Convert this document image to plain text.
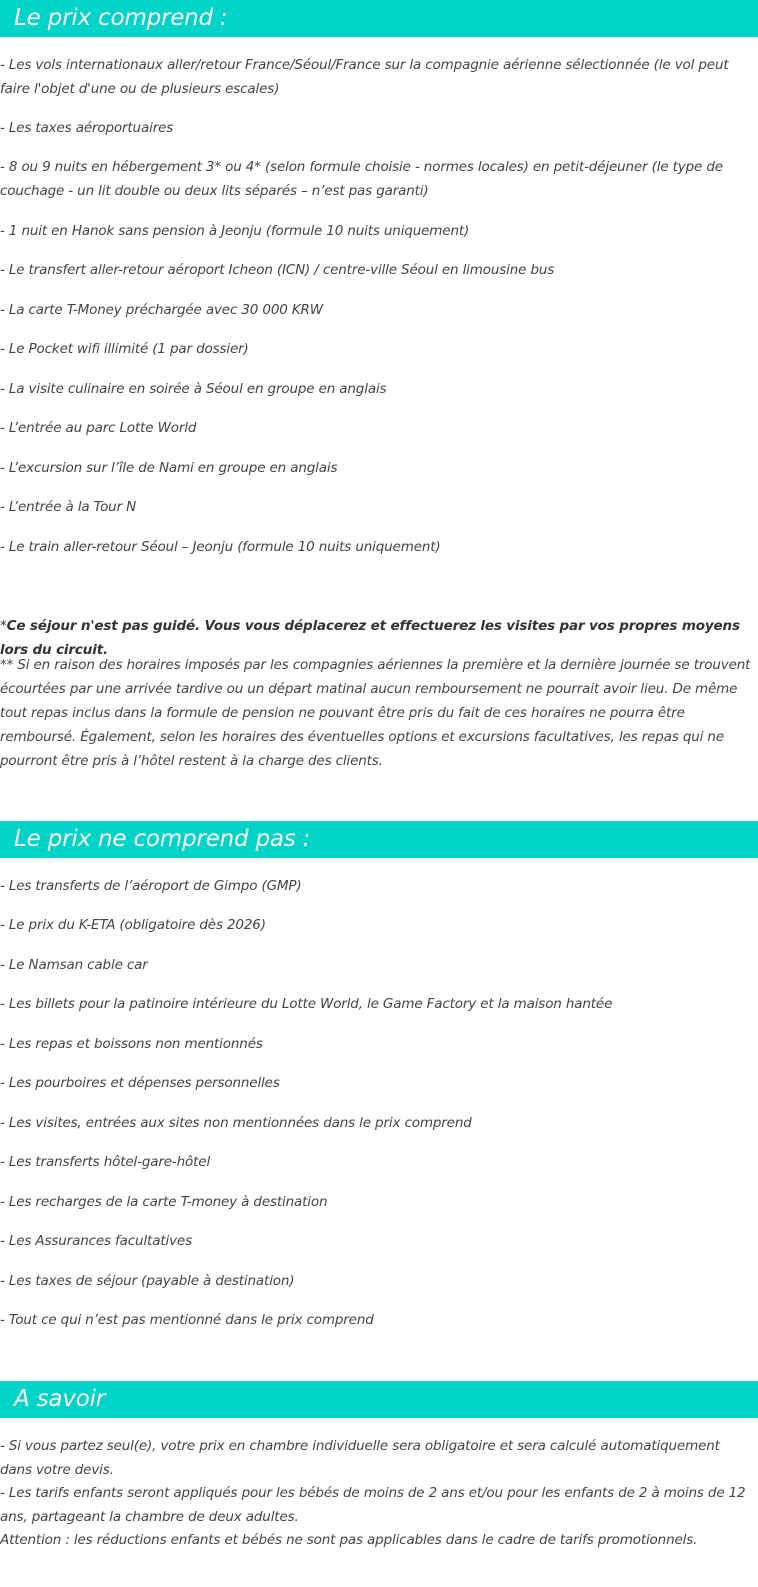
Le prix comprend :

- Les vols internationaux aller/retour France/Séoul/France sur la compagnie aérienne sélectionnée (le vol peut faire l'objet d'une ou de plusieurs escales)

- Les taxes aéroportuaires

- 8 ou 9 nuits en hébergement 3* ou 4* (selon formule choisie - normes locales) en petit-déjeuner (le type de couchage - un lit double ou deux lits séparés – n’est pas garanti)

- 1 nuit en Hanok sans pension à Jeonju (formule 10 nuits uniquement)

- Le transfert aller-retour aéroport Icheon (ICN) / centre-ville Séoul en limousine bus

- La carte T-Money préchargée avec 30 000 KRW

- Le Pocket wifi illimité (1 par dossier)

- La visite culinaire en soirée à Séoul en groupe en anglais

- L’entrée au parc Lotte World

- L’excursion sur l’île de Nami en groupe en anglais

- L’entrée à la Tour N

- Le train aller-retour Séoul – Jeonju (formule 10 nuits uniquement)

*Ce séjour n'est pas guidé. Vous vous déplacerez et effectuerez les visites par vos propres moyens lors du circuit.

** Si en raison des horaires imposés par les compagnies aériennes la première et la dernière journée se trouvent écourtées par une arrivée tardive ou un départ matinal aucun remboursement ne pourrait avoir lieu. De même tout repas inclus dans la formule de pension ne pouvant être pris du fait de ces horaires ne pourra être remboursé. Également, selon les horaires des éventuelles options et excursions facultatives, les repas qui ne pourront être pris à l’hôtel restent à la charge des clients.

Le prix ne comprend pas :

- Les transferts de l’aéroport de Gimpo (GMP)

- Le prix du K-ETA (obligatoire dès 2026)

- Le Namsan cable car

- Les billets pour la patinoire intérieure du Lotte World, le Game Factory et la maison hantée

- Les repas et boissons non mentionnés

- Les pourboires et dépenses personnelles

- Les visites, entrées aux sites non mentionnées dans le prix comprend

- Les transferts hôtel-gare-hôtel

- Les recharges de la carte T-money à destination

- Les Assurances facultatives

- Les taxes de séjour (payable à destination)

- Tout ce qui n’est pas mentionné dans le prix comprend

A savoir

- Si vous partez seul(e), votre prix en chambre individuelle sera obligatoire et sera calculé automatiquement dans votre devis.

- Les tarifs enfants seront appliqués pour les bébés de moins de 2 ans et/ou pour les enfants de 2 à moins de 12 ans, partageant la chambre de deux adultes.

Attention : les réductions enfants et bébés ne sont pas applicables dans le cadre de tarifs promotionnels.
